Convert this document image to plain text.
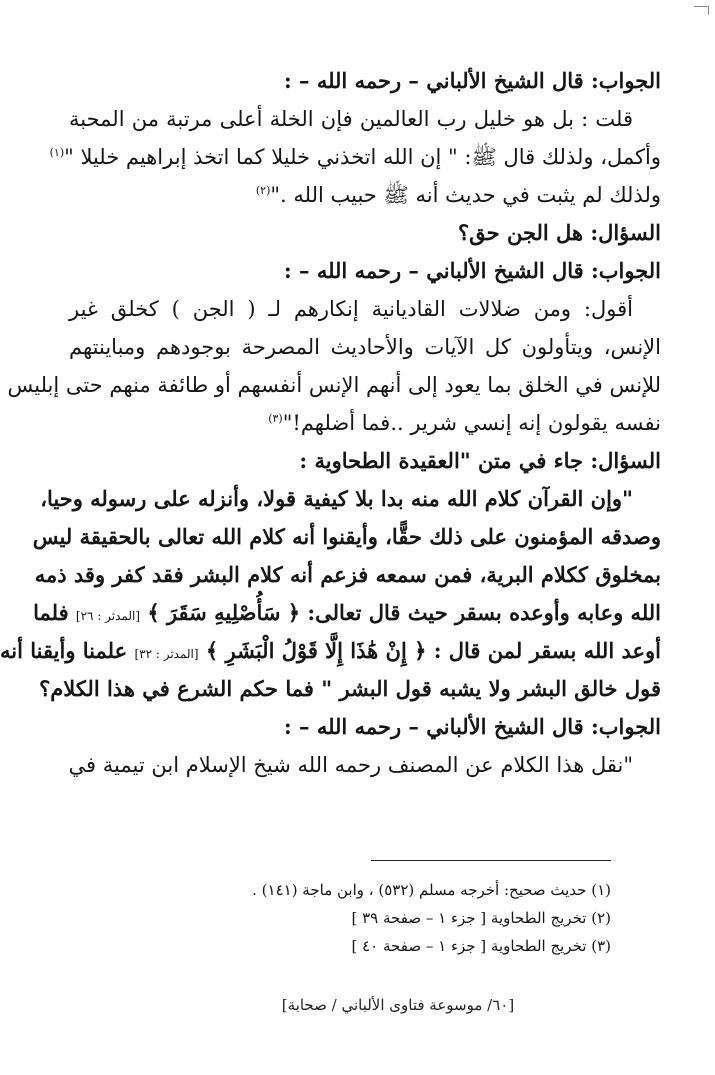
الجواب: قال الشيخ الألباني – رحمه الله – :
قلت : بل هو خليل رب العالمين فإن الخلة أعلى مرتبة من المحبة
وأكمل، ولذلك قال ﷺ: " إن الله اتخذني خليلا كما اتخذ إبراهيم خليلا "$^{(١)}$
ولذلك لم يثبت في حديث أنه ﷺ حبيب الله ."$^{(٢)}$
السؤال: هل الجن حق؟
الجواب: قال الشيخ الألباني – رحمه الله – :
أقول: ومن ضلالات القاديانية إنكارهم لـ ( الجن ) كخلق غير
الإنس، ويتأولون كل الآيات والأحاديث المصرحة بوجودهم ومباينتهم
للإنس في الخلق بما يعود إلى أنهم الإنس أنفسهم أو طائفة منهم حتى إبليس
نفسه يقولون إنه إنسي شرير ..فما أضلهم!"$^{(٣)}$
السؤال: جاء في متن "العقيدة الطحاوية :
"وإن القرآن كلام الله منه بدا بلا كيفية قولا، وأنزله على رسوله وحيا،
وصدقه المؤمنون على ذلك حقًّا، وأيقنوا أنه كلام الله تعالى بالحقيقة ليس
بمخلوق ككلام البرية، فمن سمعه فزعم أنه كلام البشر فقد كفر وقد ذمه
الله وعابه وأوعده بسقر حيث قال تعالى: ﴿ سَأُصْلِيهِ سَقَرَ ﴾ [المدثر : ٢٦] فلما
أوعد الله بسقر لمن قال : ﴿ إِنْ هَٰذَا إِلَّا قَوْلُ الْبَشَرِ ﴾ [المدثر : ٣٢] علمنا وأيقنا أنه
قول خالق البشر ولا يشبه قول البشر " فما حكم الشرع في هذا الكلام؟
الجواب: قال الشيخ الألباني – رحمه الله – :
"نقل هذا الكلام عن المصنف رحمه الله شيخ الإسلام ابن تيمية في
(١) حديث صحيح: أخرجه مسلم (٥٣٢) ، وابن ماجة (١٤١) .
(٢) تخريج الطحاوية [ جزء ١ – صفحة ٣٩ ]
(٣) تخريج الطحاوية [ جزء ١ – صفحة ٤٠ ]
[٦٠/ موسوعة فتاوى الألباني / صحابة]
